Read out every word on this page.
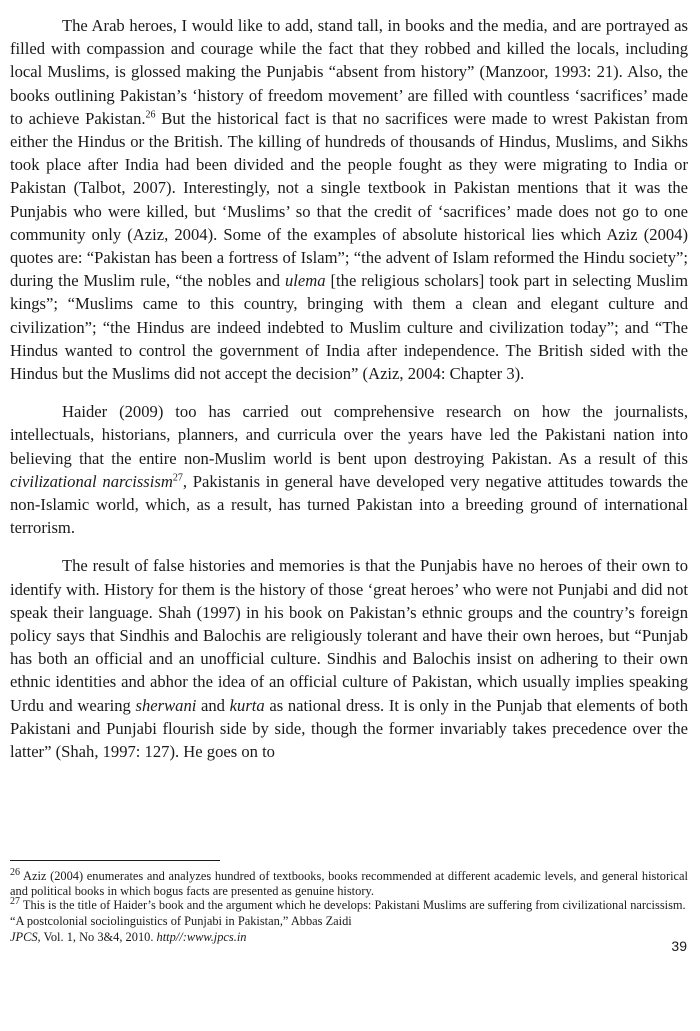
The Arab heroes, I would like to add, stand tall, in books and the media, and are portrayed as filled with compassion and courage while the fact that they robbed and killed the locals, including local Muslims, is glossed making the Punjabis “absent from history” (Manzoor, 1993: 21). Also, the books outlining Pakistan’s ‘history of freedom movement’ are filled with countless ‘sacrifices’ made to achieve Pakistan.$^{26}$ But the historical fact is that no sacrifices were made to wrest Pakistan from either the Hindus or the British. The killing of hundreds of thousands of Hindus, Muslims, and Sikhs took place after India had been divided and the people fought as they were migrating to India or Pakistan (Talbot, 2007). Interestingly, not a single textbook in Pakistan mentions that it was the Punjabis who were killed, but ‘Muslims’ so that the credit of ‘sacrifices’ made does not go to one community only (Aziz, 2004). Some of the examples of absolute historical lies which Aziz (2004) quotes are: “Pakistan has been a fortress of Islam”; “the advent of Islam reformed the Hindu society”; during the Muslim rule, “the nobles and ulema [the religious scholars] took part in selecting Muslim kings”; “Muslims came to this country, bringing with them a clean and elegant culture and civilization”; “the Hindus are indeed indebted to Muslim culture and civilization today”; and “The Hindus wanted to control the government of India after independence. The British sided with the Hindus but the Muslims did not accept the decision” (Aziz, 2004: Chapter 3).

Haider (2009) too has carried out comprehensive research on how the journalists, intellectuals, historians, planners, and curricula over the years have led the Pakistani nation into believing that the entire non-Muslim world is bent upon destroying Pakistan. As a result of this civilizational narcissism$^{27}$, Pakistanis in general have developed very negative attitudes towards the non-Islamic world, which, as a result, has turned Pakistan into a breeding ground of international terrorism.

The result of false histories and memories is that the Punjabis have no heroes of their own to identify with. History for them is the history of those ‘great heroes’ who were not Punjabi and did not speak their language. Shah (1997) in his book on Pakistan’s ethnic groups and the country’s foreign policy says that Sindhis and Balochis are religiously tolerant and have their own heroes, but “Punjab has both an official and an unofficial culture. Sindhis and Balochis insist on adhering to their own ethnic identities and abhor the idea of an official culture of Pakistan, which usually implies speaking Urdu and wearing sherwani and kurta as national dress. It is only in the Punjab that elements of both Pakistani and Punjabi flourish side by side, though the former invariably takes precedence over the latter” (Shah, 1997: 127). He goes on to

$^{26}$ Aziz (2004) enumerates and analyzes hundred of textbooks, books recommended at different academic levels, and general historical and political books in which bogus facts are presented as genuine history.

$^{27}$ This is the title of Haider’s book and the argument which he develops: Pakistani Muslims are suffering from civilizational narcissism.

“A postcolonial sociolinguistics of Punjabi in Pakistan,” Abbas Zaidi

JPCS, Vol. 1, No 3&4, 2010. http//:www.jpcs.in

39
